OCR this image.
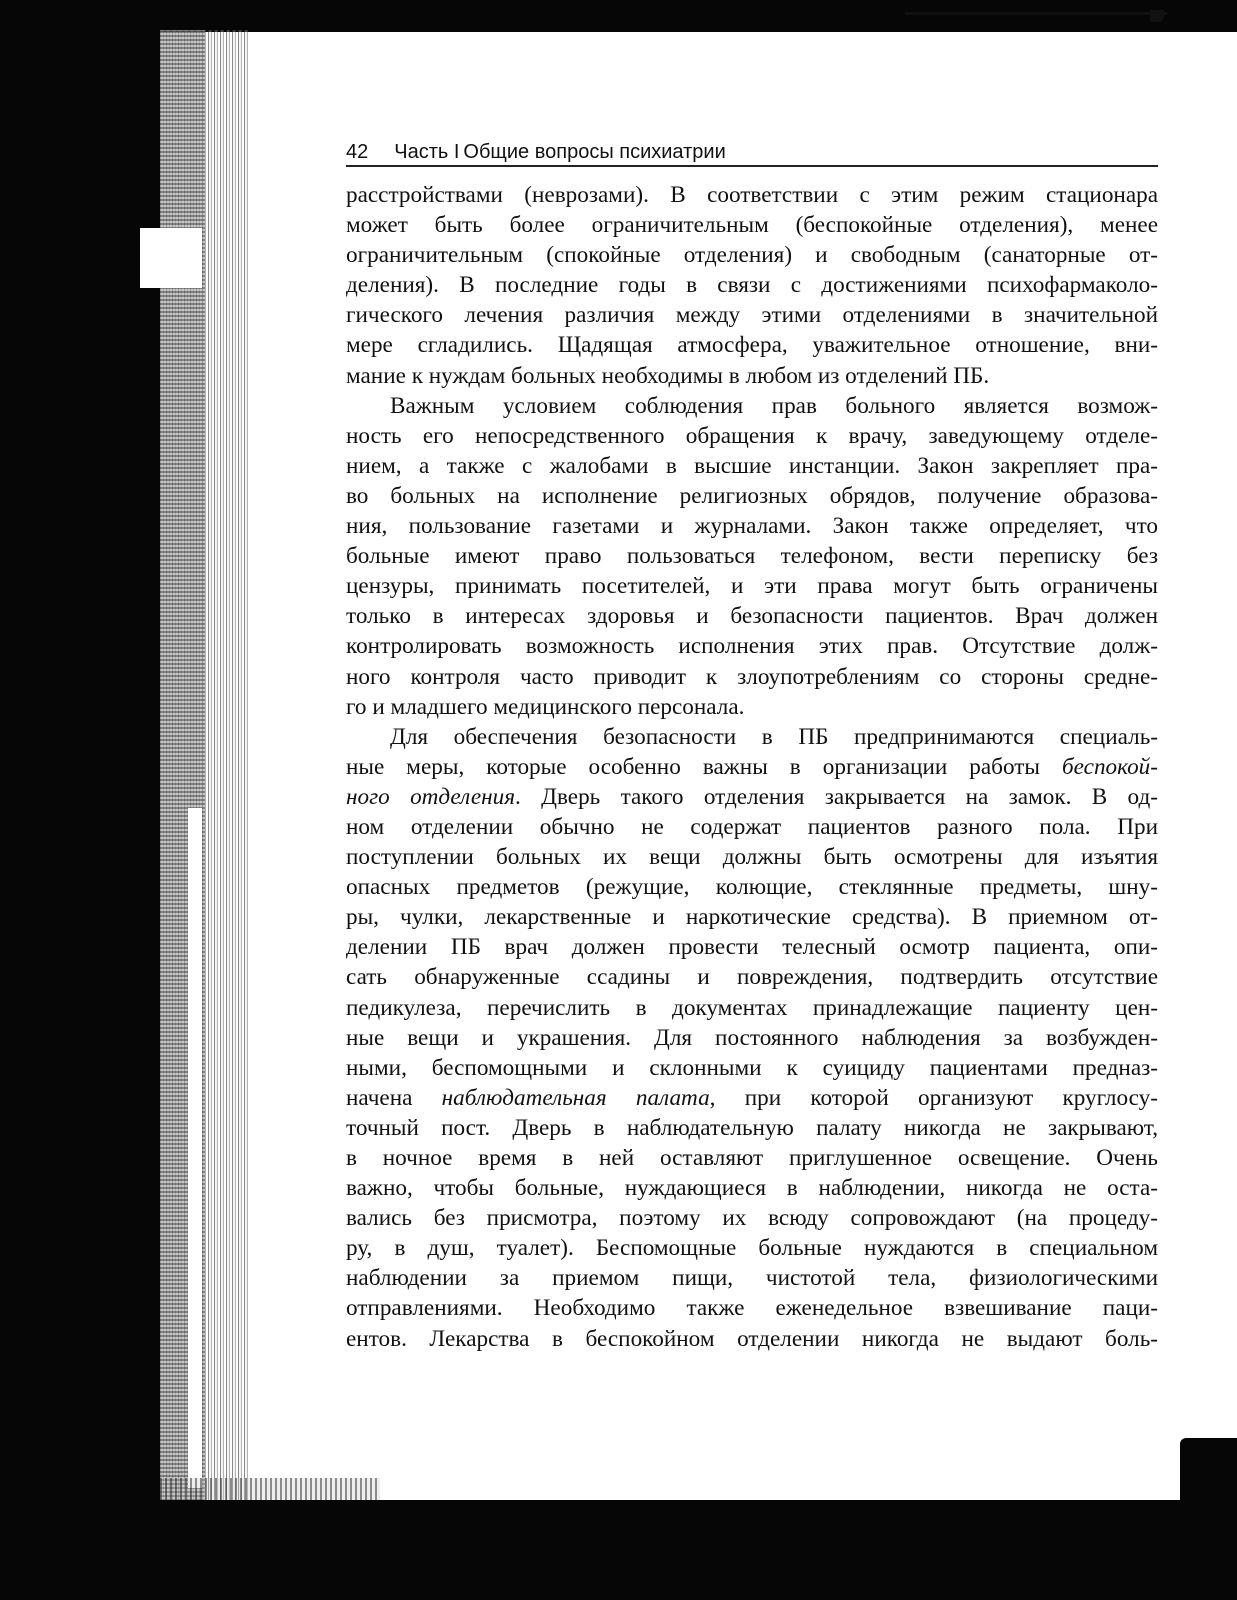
42 Часть I Общие вопросы психиатрии
расстройствами (неврозами). В соответствии с этим режим стационара
может быть более ограничительным (беспокойные отделения), менее
ограничительным (спокойные отделения) и свободным (санаторные от-
деления). В последние годы в связи с достижениями психофармаколо-
гического лечения различия между этими отделениями в значительной
мере сгладились. Щадящая атмосфера, уважительное отношение, вни-
мание к нуждам больных необходимы в любом из отделений ПБ.
Важным условием соблюдения прав больного является возмож-
ность его непосредственного обращения к врачу, заведующему отделе-
нием, а также с жалобами в высшие инстанции. Закон закрепляет пра-
во больных на исполнение религиозных обрядов, получение образова-
ния, пользование газетами и журналами. Закон также определяет, что
больные имеют право пользоваться телефоном, вести переписку без
цензуры, принимать посетителей, и эти права могут быть ограничены
только в интересах здоровья и безопасности пациентов. Врач должен
контролировать возможность исполнения этих прав. Отсутствие долж-
ного контроля часто приводит к злоупотреблениям со стороны средне-
го и младшего медицинского персонала.
Для обеспечения безопасности в ПБ предпринимаются специаль-
ные меры, которые особенно важны в организации работы беспокой-
ного отделения. Дверь такого отделения закрывается на замок. В од-
ном отделении обычно не содержат пациентов разного пола. При
поступлении больных их вещи должны быть осмотрены для изъятия
опасных предметов (режущие, колющие, стеклянные предметы, шну-
ры, чулки, лекарственные и наркотические средства). В приемном от-
делении ПБ врач должен провести телесный осмотр пациента, опи-
сать обнаруженные ссадины и повреждения, подтвердить отсутствие
педикулеза, перечислить в документах принадлежащие пациенту цен-
ные вещи и украшения. Для постоянного наблюдения за возбужден-
ными, беспомощными и склонными к суициду пациентами предназ-
начена наблюдательная палата, при которой организуют круглосу-
точный пост. Дверь в наблюдательную палату никогда не закрывают,
в ночное время в ней оставляют приглушенное освещение. Очень
важно, чтобы больные, нуждающиеся в наблюдении, никогда не оста-
вались без присмотра, поэтому их всюду сопровождают (на процеду-
ру, в душ, туалет). Беспомощные больные нуждаются в специальном
наблюдении за приемом пищи, чистотой тела, физиологическими
отправлениями. Необходимо также еженедельное взвешивание паци-
ентов. Лекарства в беспокойном отделении никогда не выдают боль-
